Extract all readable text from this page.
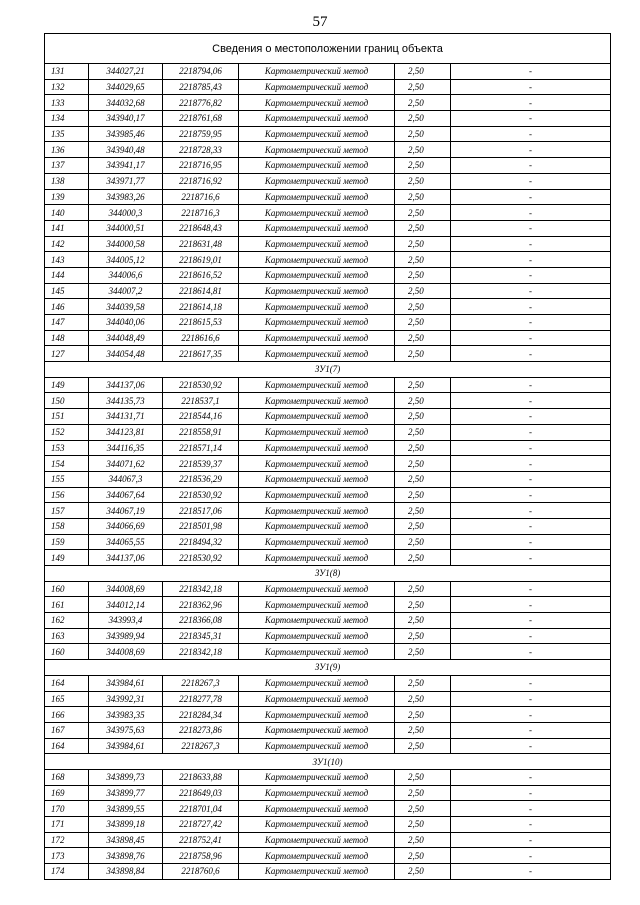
57
Сведения о местоположении границ объекта					
131	344027,21	2218794,06	Картометрический метод	2,50	-
132	344029,65	2218785,43	Картометрический метод	2,50	-
133	344032,68	2218776,82	Картометрический метод	2,50	-
134	343940,17	2218761,68	Картометрический метод	2,50	-
135	343985,46	2218759,95	Картометрический метод	2,50	-
136	343940,48	2218728,33	Картометрический метод	2,50	-
137	343941,17	2218716,95	Картометрический метод	2,50	-
138	343971,77	2218716,92	Картометрический метод	2,50	-
139	343983,26	2218716,6	Картометрический метод	2,50	-
140	344000,3	2218716,3	Картометрический метод	2,50	-
141	344000,51	2218648,43	Картометрический метод	2,50	-
142	344000,58	2218631,48	Картометрический метод	2,50	-
143	344005,12	2218619,01	Картометрический метод	2,50	-
144	344006,6	2218616,52	Картометрический метод	2,50	-
145	344007,2	2218614,81	Картометрический метод	2,50	-
146	344039,58	2218614,18	Картометрический метод	2,50	-
147	344040,06	2218615,53	Картометрический метод	2,50	-
148	344048,49	2218616,6	Картометрический метод	2,50	-
127	344054,48	2218617,35	Картометрический метод	2,50	-
ЗУ1(7)					
149	344137,06	2218530,92	Картометрический метод	2,50	-
150	344135,73	2218537,1	Картометрический метод	2,50	-
151	344131,71	2218544,16	Картометрический метод	2,50	-
152	344123,81	2218558,91	Картометрический метод	2,50	-
153	344116,35	2218571,14	Картометрический метод	2,50	-
154	344071,62	2218539,37	Картометрический метод	2,50	-
155	344067,3	2218536,29	Картометрический метод	2,50	-
156	344067,64	2218530,92	Картометрический метод	2,50	-
157	344067,19	2218517,06	Картометрический метод	2,50	-
158	344066,69	2218501,98	Картометрический метод	2,50	-
159	344065,55	2218494,32	Картометрический метод	2,50	-
149	344137,06	2218530,92	Картометрический метод	2,50	-
ЗУ1(8)					
160	344008,69	2218342,18	Картометрический метод	2,50	-
161	344012,14	2218362,96	Картометрический метод	2,50	-
162	343993,4	2218366,08	Картометрический метод	2,50	-
163	343989,94	2218345,31	Картометрический метод	2,50	-
160	344008,69	2218342,18	Картометрический метод	2,50	-
ЗУ1(9)					
164	343984,61	2218267,3	Картометрический метод	2,50	-
165	343992,31	2218277,78	Картометрический метод	2,50	-
166	343983,35	2218284,34	Картометрический метод	2,50	-
167	343975,63	2218273,86	Картометрический метод	2,50	-
164	343984,61	2218267,3	Картометрический метод	2,50	-
ЗУ1(10)					
168	343899,73	2218633,88	Картометрический метод	2,50	-
169	343899,77	2218649,03	Картометрический метод	2,50	-
170	343899,55	2218701,04	Картометрический метод	2,50	-
171	343899,18	2218727,42	Картометрический метод	2,50	-
172	343898,45	2218752,41	Картометрический метод	2,50	-
173	343898,76	2218758,96	Картометрический метод	2,50	-
174	343898,84	2218760,6	Картометрический метод	2,50	-
